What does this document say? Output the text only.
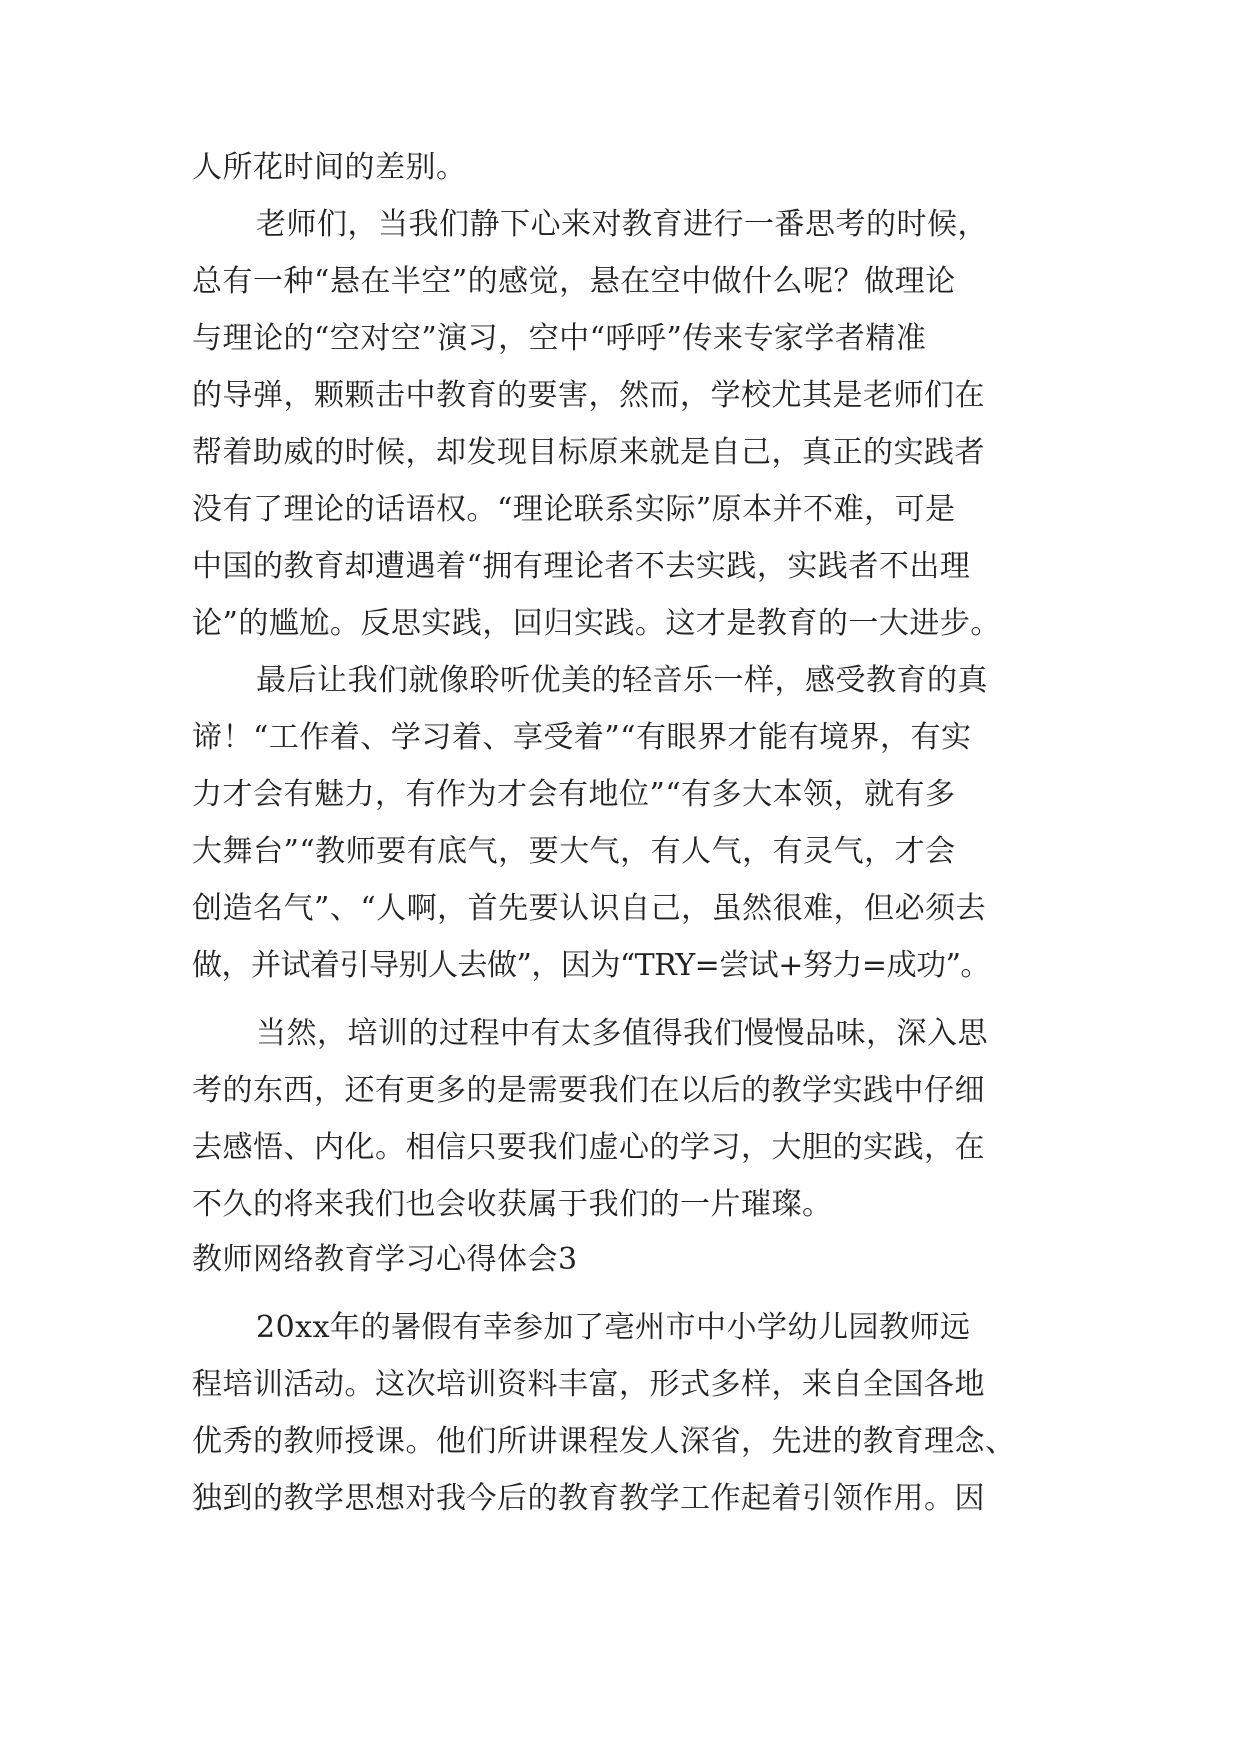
人所花时间的差别。
老师们，当我们静下心来对教育进行一番思考的时候，
总有一种“悬在半空”的感觉，悬在空中做什么呢？做理论
与理论的“空对空”演习，空中“呼呼”传来专家学者精准
的导弹，颗颗击中教育的要害，然而，学校尤其是老师们在
帮着助威的时候，却发现目标原来就是自己，真正的实践者
没有了理论的话语权。“理论联系实际”原本并不难，可是
中国的教育却遭遇着“拥有理论者不去实践，实践者不出理
论”的尴尬。反思实践，回归实践。这才是教育的一大进步。
最后让我们就像聆听优美的轻音乐一样，感受教育的真
谛！“工作着、学习着、享受着”“有眼界才能有境界，有实
力才会有魅力，有作为才会有地位”“有多大本领，就有多
大舞台”“教师要有底气，要大气，有人气，有灵气，才会
创造名气”、“人啊，首先要认识自己，虽然很难，但必须去
做，并试着引导别人去做”，因为“TRY=尝试+努力=成功”。
当然，培训的过程中有太多值得我们慢慢品味，深入思
考的东西，还有更多的是需要我们在以后的教学实践中仔细
去感悟、内化。相信只要我们虚心的学习，大胆的实践，在
不久的将来我们也会收获属于我们的一片璀璨。
教师网络教育学习心得体会3
20xx年的暑假有幸参加了亳州市中小学幼儿园教师远
程培训活动。这次培训资料丰富，形式多样，来自全国各地
优秀的教师授课。他们所讲课程发人深省，先进的教育理念、
独到的教学思想对我今后的教育教学工作起着引领作用。因
